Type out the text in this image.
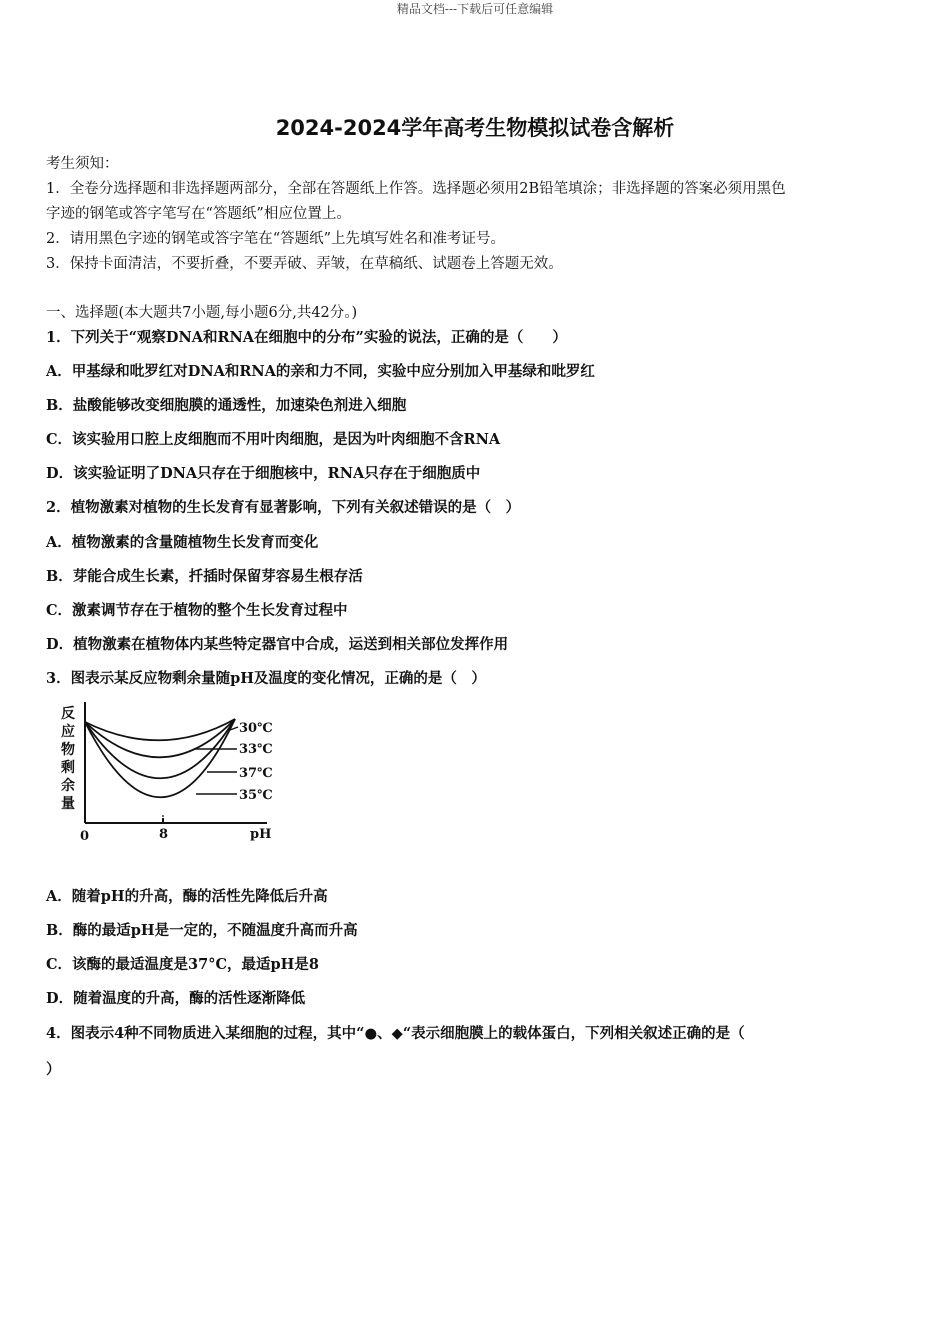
精品文档---下载后可任意编辑
2024-2024学年高考生物模拟试卷含解析
考生须知：
1．全卷分选择题和非选择题两部分，全部在答题纸上作答。选择题必须用2B铅笔填涂；非选择题的答案必须用黑色
字迹的钢笔或答字笔写在“答题纸”相应位置上。
2．请用黑色字迹的钢笔或答字笔在“答题纸”上先填写姓名和准考证号。
3．保持卡面清洁，不要折叠，不要弄破、弄皱，在草稿纸、试题卷上答题无效。
一、选择题(本大题共7小题,每小题6分,共42分。)
1．下列关于“观察DNA和RNA在细胞中的分布”实验的说法，正确的是（　　）
A．甲基绿和吡罗红对DNA和RNA的亲和力不同，实验中应分别加入甲基绿和吡罗红
B．盐酸能够改变细胞膜的通透性，加速染色剂进入细胞
C．该实验用口腔上皮细胞而不用叶肉细胞，是因为叶肉细胞不含RNA
D．该实验证明了DNA只存在于细胞核中，RNA只存在于细胞质中
2．植物激素对植物的生长发育有显著影响，下列有关叙述错误的是（　）
A．植物激素的含量随植物生长发育而变化
B．芽能合成生长素，扦插时保留芽容易生根存活
C．激素调节存在于植物的整个生长发育过程中
D．植物激素在植物体内某些特定器官中合成，运送到相关部位发挥作用
3．图表示某反应物剩余量随pH及温度的变化情况，正确的是（　）
反
应
物
剩
余
量
30℃
33℃
37℃
35℃
0	8	pH
A．随着pH的升高，酶的活性先降低后升高
B．酶的最适pH是一定的，不随温度升高而升高
C．该酶的最适温度是37°C，最适pH是8
D．随着温度的升高，酶的活性逐渐降低
4．图表示4种不同物质进入某细胞的过程，其中“●、◆“表示细胞膜上的载体蛋白，下列相关叙述正确的是（
）
